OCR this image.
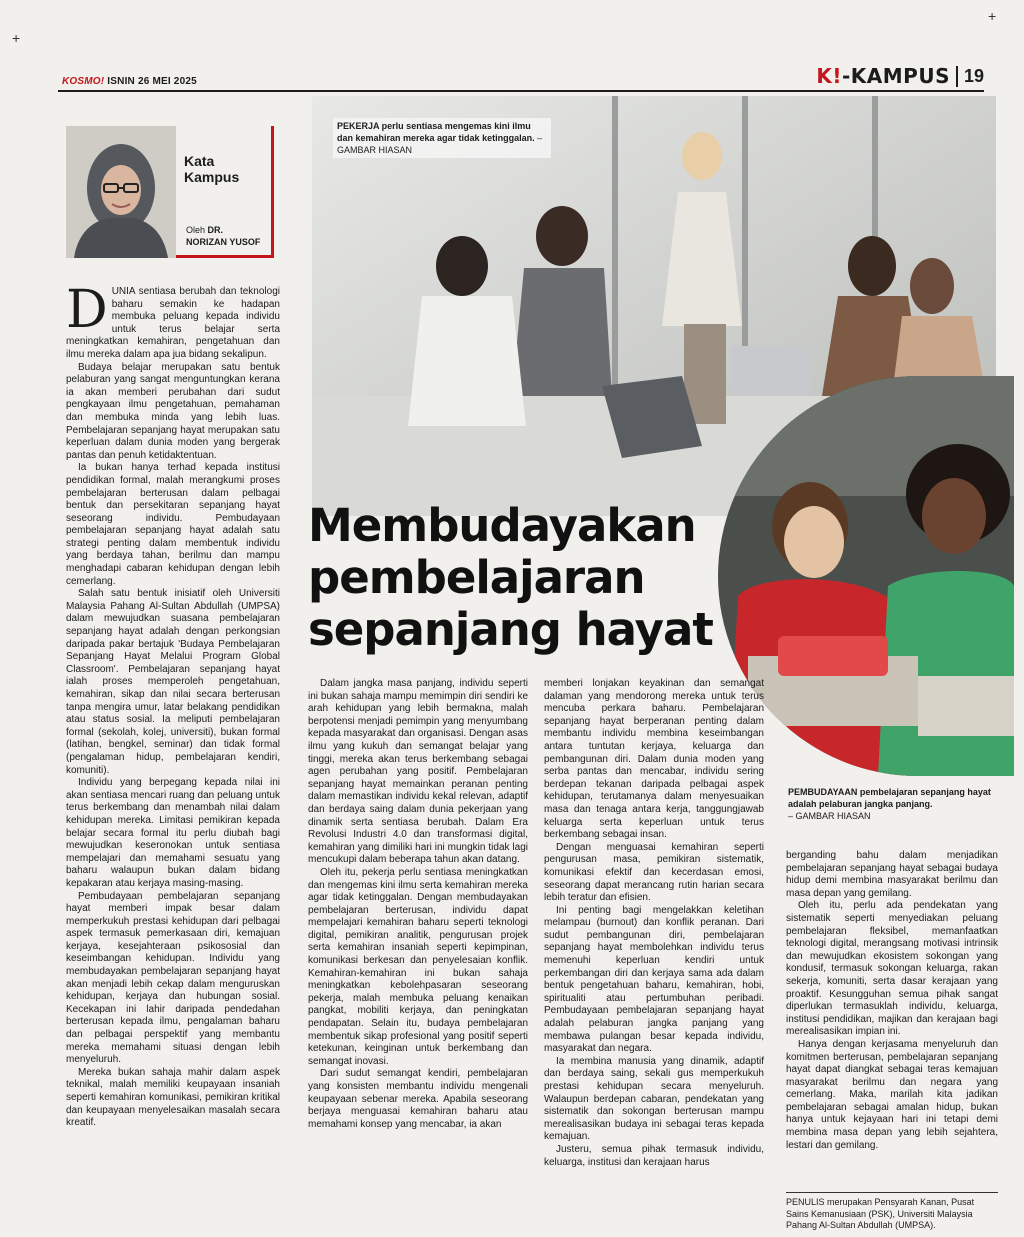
+
+
KOSMO! ISNIN 26 MEI 2025	K!-KAMPUS 19
Kata Kampus
Oleh DR.
NORIZAN YUSOF
PEKERJA perlu sentiasa mengemas kini ilmu dan kemahiran mereka agar tidak ketinggalan. – GAMBAR HIASAN
PEMBUDAYAAN pembelajaran sepanjang hayat adalah pelaburan jangka panjang.
– GAMBAR HIASAN
Membudayakan pembelajaran sepanjang hayat

DUNIA sentiasa berubah dan teknologi baharu semakin ke hadapan membuka peluang kepada individu untuk terus belajar serta meningkatkan kemahiran, pengetahuan dan ilmu mereka dalam apa jua bidang sekalipun.

Budaya belajar merupakan satu bentuk pelaburan yang sangat menguntungkan kerana ia akan memberi perubahan dari sudut pengkayaan ilmu pengetahuan, pemahaman dan membuka minda yang lebih luas. Pembelajaran sepanjang hayat merupakan satu keperluan dalam dunia moden yang bergerak pantas dan penuh ketidaktentuan.

Ia bukan hanya terhad kepada institusi pendidikan formal, malah merangkumi proses pembelajaran berterusan dalam pelbagai bentuk dan persekitaran sepanjang hayat seseorang individu. Pembudayaan pembelajaran sepanjang hayat adalah satu strategi penting dalam membentuk individu yang berdaya tahan, berilmu dan mampu menghadapi cabaran kehidupan dengan lebih cemerlang.

Salah satu bentuk inisiatif oleh Universiti Malaysia Pahang Al-Sultan Abdullah (UMPSA) dalam mewujudkan suasana pembelajaran sepanjang hayat adalah dengan perkongsian daripada pakar bertajuk 'Budaya Pembelajaran Sepanjang Hayat Melalui Program Global Classroom'. Pembelajaran sepanjang hayat ialah proses memperoleh pengetahuan, kemahiran, sikap dan nilai secara berterusan tanpa mengira umur, latar belakang pendidikan atau status sosial. Ia meliputi pembelajaran formal (sekolah, kolej, universiti), bukan formal (latihan, bengkel, seminar) dan tidak formal (pengalaman hidup, pembelajaran kendiri, komuniti).

Individu yang berpegang kepada nilai ini akan sentiasa mencari ruang dan peluang untuk terus berkembang dan menambah nilai dalam kehidupan mereka. Limitasi pemikiran kepada belajar secara formal itu perlu diubah bagi mewujudkan keseronokan untuk sentiasa mempelajari dan memahami sesuatu yang baharu walaupun bukan dalam bidang kepakaran atau kerjaya masing-masing.

Pembudayaan pembelajaran sepanjang hayat memberi impak besar dalam memperkukuh prestasi kehidupan dari pelbagai aspek termasuk pemerkasaan diri, kemajuan kerjaya, kesejahteraan psikososial dan keseimbangan kehidupan. Individu yang membudayakan pembelajaran sepanjang hayat akan menjadi lebih cekap dalam menguruskan kehidupan, kerjaya dan hubungan sosial. Kecekapan ini lahir daripada pendedahan berterusan kepada ilmu, pengalaman baharu dan pelbagai perspektif yang membantu mereka memahami situasi dengan lebih menyeluruh.

Mereka bukan sahaja mahir dalam aspek teknikal, malah memiliki keupayaan insaniah seperti kemahiran komunikasi, pemikiran kritikal dan keupayaan menyelesaikan masalah secara kreatif.

Dalam jangka masa panjang, individu seperti ini bukan sahaja mampu memimpin diri sendiri ke arah kehidupan yang lebih bermakna, malah berpotensi menjadi pemimpin yang menyumbang kepada masyarakat dan organisasi. Dengan asas ilmu yang kukuh dan semangat belajar yang tinggi, mereka akan terus berkembang sebagai agen perubahan yang positif. Pembelajaran sepanjang hayat memainkan peranan penting dalam memastikan individu kekal relevan, adaptif dan berdaya saing dalam dunia pekerjaan yang dinamik serta sentiasa berubah. Dalam Era Revolusi Industri 4.0 dan transformasi digital, kemahiran yang dimiliki hari ini mungkin tidak lagi mencukupi dalam beberapa tahun akan datang.

Oleh itu, pekerja perlu sentiasa meningkatkan dan mengemas kini ilmu serta kemahiran mereka agar tidak ketinggalan. Dengan membudayakan pembelajaran berterusan, individu dapat mempelajari kemahiran baharu seperti teknologi digital, pemikiran analitik, pengurusan projek serta kemahiran insaniah seperti kepimpinan, komunikasi berkesan dan penyelesaian konflik. Kemahiran-kemahiran ini bukan sahaja meningkatkan kebolehpasaran seseorang pekerja, malah membuka peluang kenaikan pangkat, mobiliti kerjaya, dan peningkatan pendapatan. Selain itu, budaya pembelajaran membentuk sikap profesional yang positif seperti ketekunan, keinginan untuk berkembang dan semangat inovasi.

Dari sudut semangat kendiri, pembelajaran yang konsisten membantu individu mengenali keupayaan sebenar mereka. Apabila seseorang berjaya menguasai kemahiran baharu atau memahami konsep yang mencabar, ia akan

memberi lonjakan keyakinan dan semangat dalaman yang mendorong mereka untuk terus mencuba perkara baharu. Pembelajaran sepanjang hayat berperanan penting dalam membantu individu membina keseimbangan antara tuntutan kerjaya, keluarga dan pembangunan diri. Dalam dunia moden yang serba pantas dan mencabar, individu sering berdepan tekanan daripada pelbagai aspek kehidupan, terutamanya dalam menyesuaikan masa dan tenaga antara kerja, tanggungjawab keluarga serta keperluan untuk terus berkembang sebagai insan.

Dengan menguasai kemahiran seperti pengurusan masa, pemikiran sistematik, komunikasi efektif dan kecerdasan emosi, seseorang dapat merancang rutin harian secara lebih teratur dan efisien.

Ini penting bagi mengelakkan keletihan melampau (burnout) dan konflik peranan. Dari sudut pembangunan diri, pembelajaran sepanjang hayat membolehkan individu terus memenuhi keperluan kendiri untuk perkembangan diri dan kerjaya sama ada dalam bentuk pengetahuan baharu, kemahiran, hobi, spiritualiti atau pertumbuhan peribadi. Pembudayaan pembelajaran sepanjang hayat adalah pelaburan jangka panjang yang membawa pulangan besar kepada individu, masyarakat dan negara.

Ia membina manusia yang dinamik, adaptif dan berdaya saing, sekali gus memperkukuh prestasi kehidupan secara menyeluruh. Walaupun berdepan cabaran, pendekatan yang sistematik dan sokongan berterusan mampu merealisasikan budaya ini sebagai teras kepada kemajuan.

Justeru, semua pihak termasuk individu, keluarga, institusi dan kerajaan harus

berganding bahu dalam menjadikan pembelajaran sepanjang hayat sebagai budaya hidup demi membina masyarakat berilmu dan masa depan yang gemilang.

Oleh itu, perlu ada pendekatan yang sistematik seperti menyediakan peluang pembelajaran fleksibel, memanfaatkan teknologi digital, merangsang motivasi intrinsik dan mewujudkan ekosistem sokongan yang kondusif, termasuk sokongan keluarga, rakan sekerja, komuniti, serta dasar kerajaan yang proaktif. Kesungguhan semua pihak sangat diperlukan termasuklah individu, keluarga, institusi pendidikan, majikan dan kerajaan bagi merealisasikan impian ini.

Hanya dengan kerjasama menyeluruh dan komitmen berterusan, pembelajaran sepanjang hayat dapat diangkat sebagai teras kemajuan masyarakat berilmu dan negara yang cemerlang. Maka, marilah kita jadikan pembelajaran sebagai amalan hidup, bukan hanya untuk kejayaan hari ini tetapi demi membina masa depan yang lebih sejahtera, lestari dan gemilang.

PENULIS merupakan Pensyarah Kanan, Pusat Sains Kemanusiaan (PSK), Universiti Malaysia Pahang Al-Sultan Abdullah (UMPSA).
